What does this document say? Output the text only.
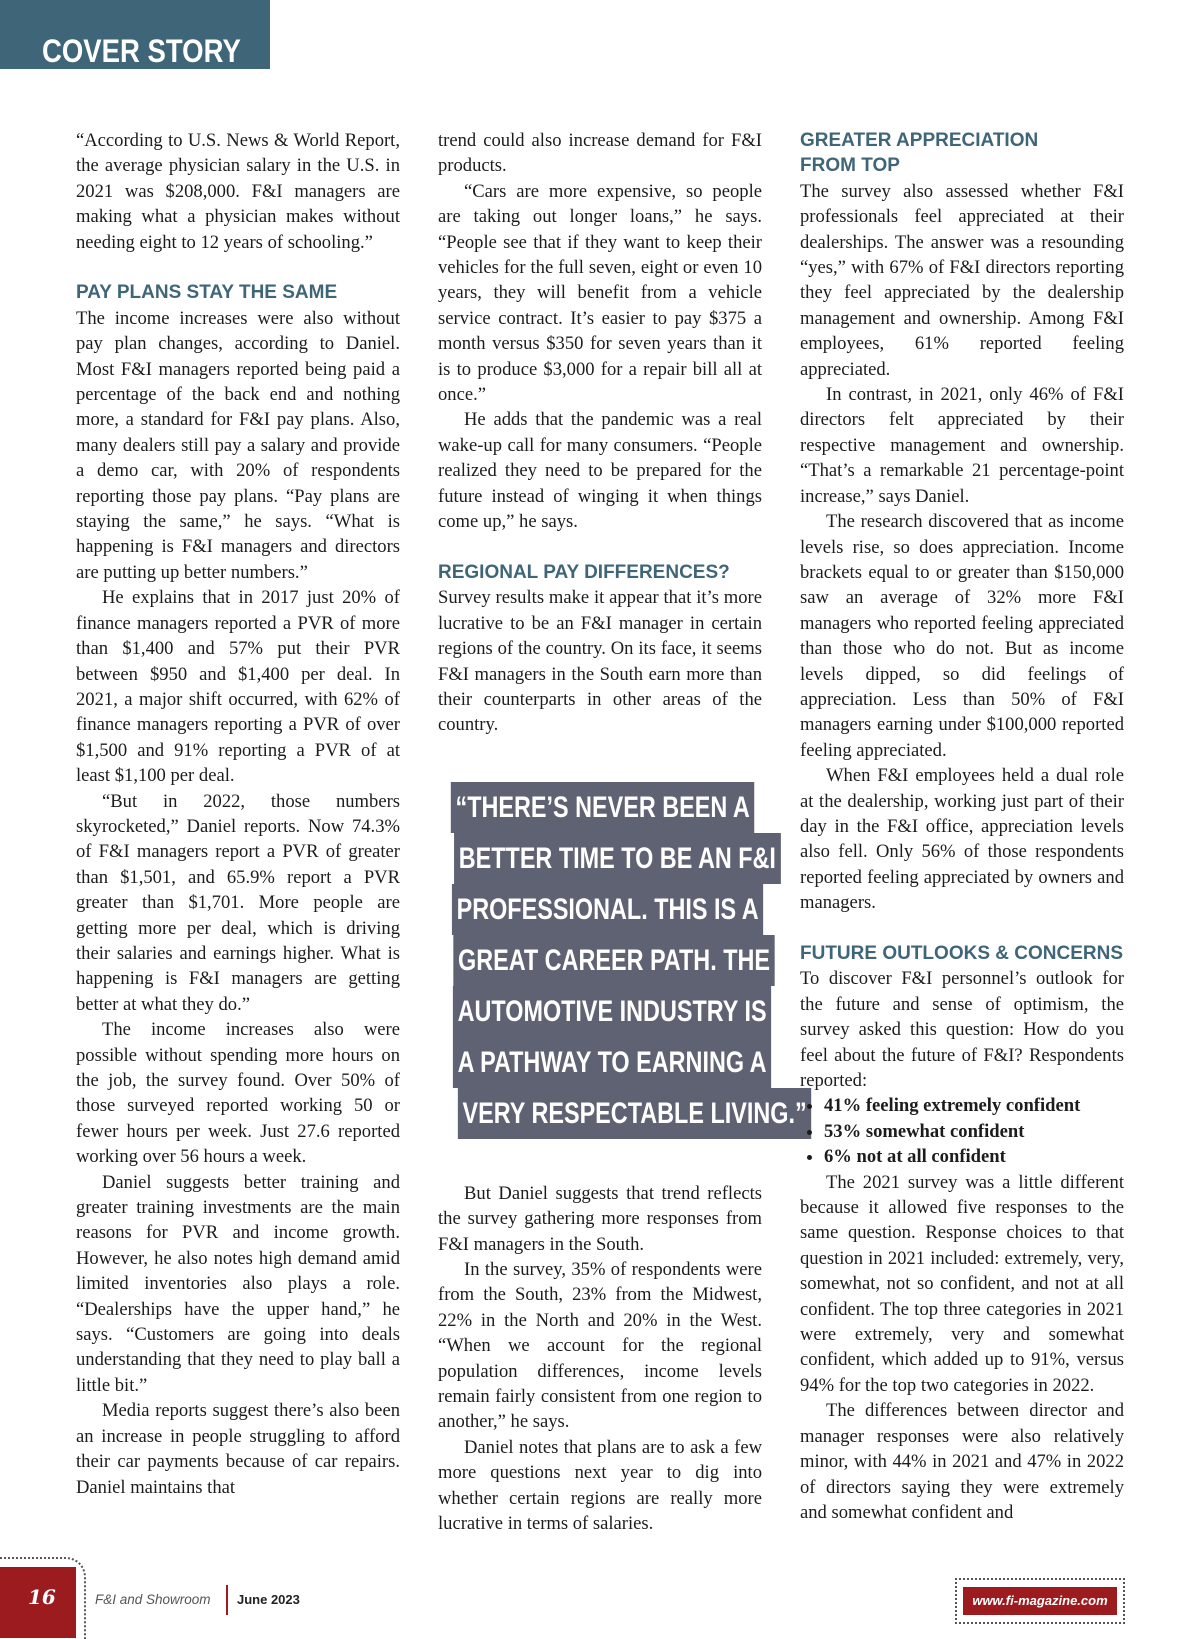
COVER STORY

“According to U.S. News & World Report, the average physician salary in the U.S. in 2021 was $208,000. F&I managers are making what a physician makes without needing eight to 12 years of schooling.”

PAY PLANS STAY THE SAME

The income increases were also without pay plan changes, according to Daniel. Most F&I managers reported being paid a percentage of the back end and nothing more, a standard for F&I pay plans. Also, many dealers still pay a salary and provide a demo car, with 20% of respondents reporting those pay plans. “Pay plans are staying the same,” he says. “What is happening is F&I managers and directors are putting up better numbers.”

He explains that in 2017 just 20% of finance managers reported a PVR of more than $1,400 and 57% put their PVR between $950 and $1,400 per deal. In 2021, a major shift occurred, with 62% of finance managers reporting a PVR of over $1,500 and 91% reporting a PVR of at least $1,100 per deal.

“But in 2022, those numbers skyrocketed,” Daniel reports. Now 74.3% of F&I managers report a PVR of greater than $1,501, and 65.9% report a PVR greater than $1,701. More people are getting more per deal, which is driving their salaries and earnings higher. What is happening is F&I managers are getting better at what they do.”

The income increases also were possible without spending more hours on the job, the survey found. Over 50% of those surveyed reported working 50 or fewer hours per week. Just 27.6 reported working over 56 hours a week.

Daniel suggests better training and greater training investments are the main reasons for PVR and income growth. However, he also notes high demand amid limited inventories also plays a role. “Dealerships have the upper hand,” he says. “Customers are going into deals understanding that they need to play ball a little bit.”

Media reports suggest there’s also been an increase in people struggling to afford their car payments because of car repairs. Daniel maintains that

trend could also increase demand for F&I products.

“Cars are more expensive, so people are taking out longer loans,” he says. “People see that if they want to keep their vehicles for the full seven, eight or even 10 years, they will benefit from a vehicle service contract. It’s easier to pay $375 a month versus $350 for seven years than it is to produce $3,000 for a repair bill all at once.”

He adds that the pandemic was a real wake-up call for many consumers. “People realized they need to be prepared for the future instead of winging it when things come up,” he says.

REGIONAL PAY DIFFERENCES?

Survey results make it appear that it’s more lucrative to be an F&I manager in certain regions of the country. On its face, it seems F&I managers in the South earn more than their counterparts in other areas of the country.

“THERE’S NEVER BEEN A
BETTER TIME TO BE AN F&I
PROFESSIONAL. THIS IS A
GREAT CAREER PATH. THE
AUTOMOTIVE INDUSTRY IS
A PATHWAY TO EARNING A
VERY RESPECTABLE LIVING.”

But Daniel suggests that trend reflects the survey gathering more responses from F&I managers in the South.

In the survey, 35% of respondents were from the South, 23% from the Midwest, 22% in the North and 20% in the West. “When we account for the regional population differences, income levels remain fairly consistent from one region to another,” he says.

Daniel notes that plans are to ask a few more questions next year to dig into whether certain regions are really more lucrative in terms of salaries.

GREATER APPRECIATION FROM TOP

The survey also assessed whether F&I professionals feel appreciated at their dealerships. The answer was a resounding “yes,” with 67% of F&I directors reporting they feel appreciated by the dealership management and ownership. Among F&I employees, 61% reported feeling appreciated.

In contrast, in 2021, only 46% of F&I directors felt appreciated by their respective management and ownership. “That’s a remarkable 21 percentage-point increase,” says Daniel.

The research discovered that as income levels rise, so does appreciation. Income brackets equal to or greater than $150,000 saw an average of 32% more F&I managers who reported feeling appreciated than those who do not. But as income levels dipped, so did feelings of appreciation. Less than 50% of F&I managers earning under $100,000 reported feeling appreciated.

When F&I employees held a dual role at the dealership, working just part of their day in the F&I office, appreciation levels also fell. Only 56% of those respondents reported feeling appreciated by owners and managers.

FUTURE OUTLOOKS & CONCERNS

To discover F&I personnel’s outlook for the future and sense of optimism, the survey asked this question: How do you feel about the future of F&I? Respondents reported:

• 41% feeling extremely confident
• 53% somewhat confident
• 6% not at all confident

The 2021 survey was a little different because it allowed five responses to the same question. Response choices to that question in 2021 included: extremely, very, somewhat, not so confident, and not at all confident. The top three categories in 2021 were extremely, very and somewhat confident, which added up to 91%, versus 94% for the top two categories in 2022.

The differences between director and manager responses were also relatively minor, with 44% in 2021 and 47% in 2022 of directors saying they were extremely and somewhat confident and

16	F&I and Showroom June 2023	www.fi-magazine.com
